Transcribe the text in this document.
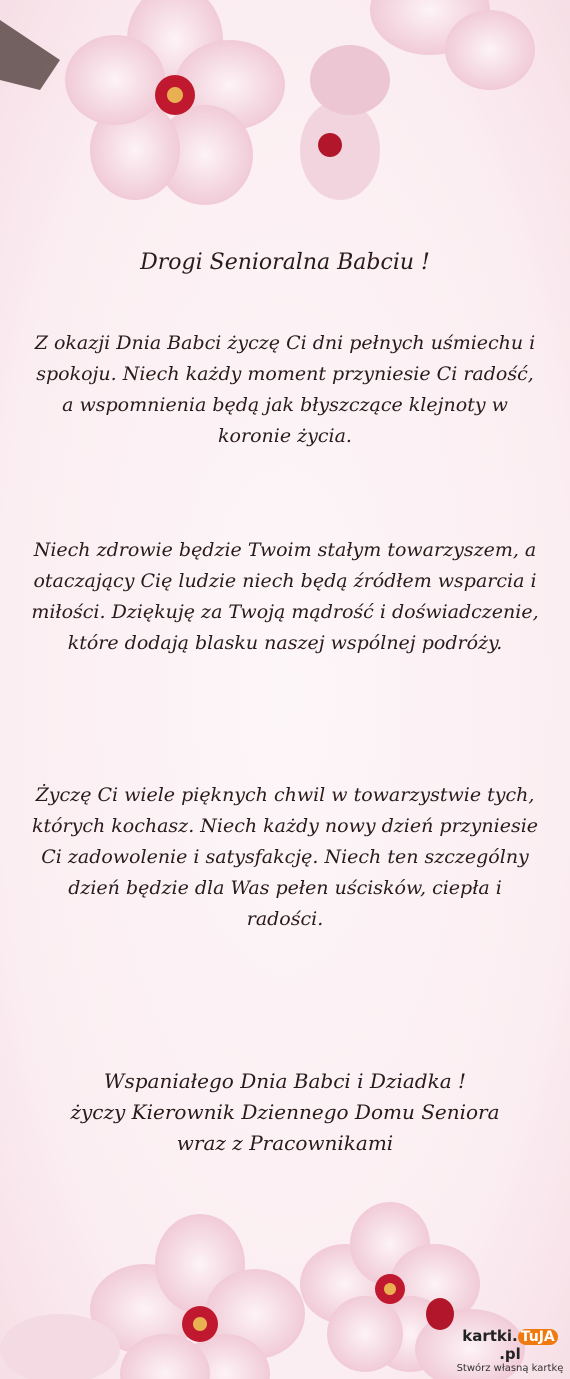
Drogi Senioralna Babciu !
Z okazji Dnia Babci życzę Ci dni pełnych uśmiechu i spokoju. Niech każdy moment przyniesie Ci radość, a wspomnienia będą jak błyszczące klejnoty w koronie życia.
Niech zdrowie będzie Twoim stałym towarzyszem, a otaczający Cię ludzie niech będą źródłem wsparcia i miłości. Dziękuję za Twoją mądrość i doświadczenie, które dodają blasku naszej wspólnej podróży.
Życzę Ci wiele pięknych chwil w towarzystwie tych, których kochasz. Niech każdy nowy dzień przyniesie Ci zadowolenie i satysfakcję. Niech ten szczególny dzień będzie dla Was pełen uścisków, ciepła i radości.
Wspaniałego Dnia Babci i Dziadka !
życzy Kierownik Dziennego Domu Seniora
wraz z Pracownikami
kartki. TuJA.pl
Stwórz własną kartkę
